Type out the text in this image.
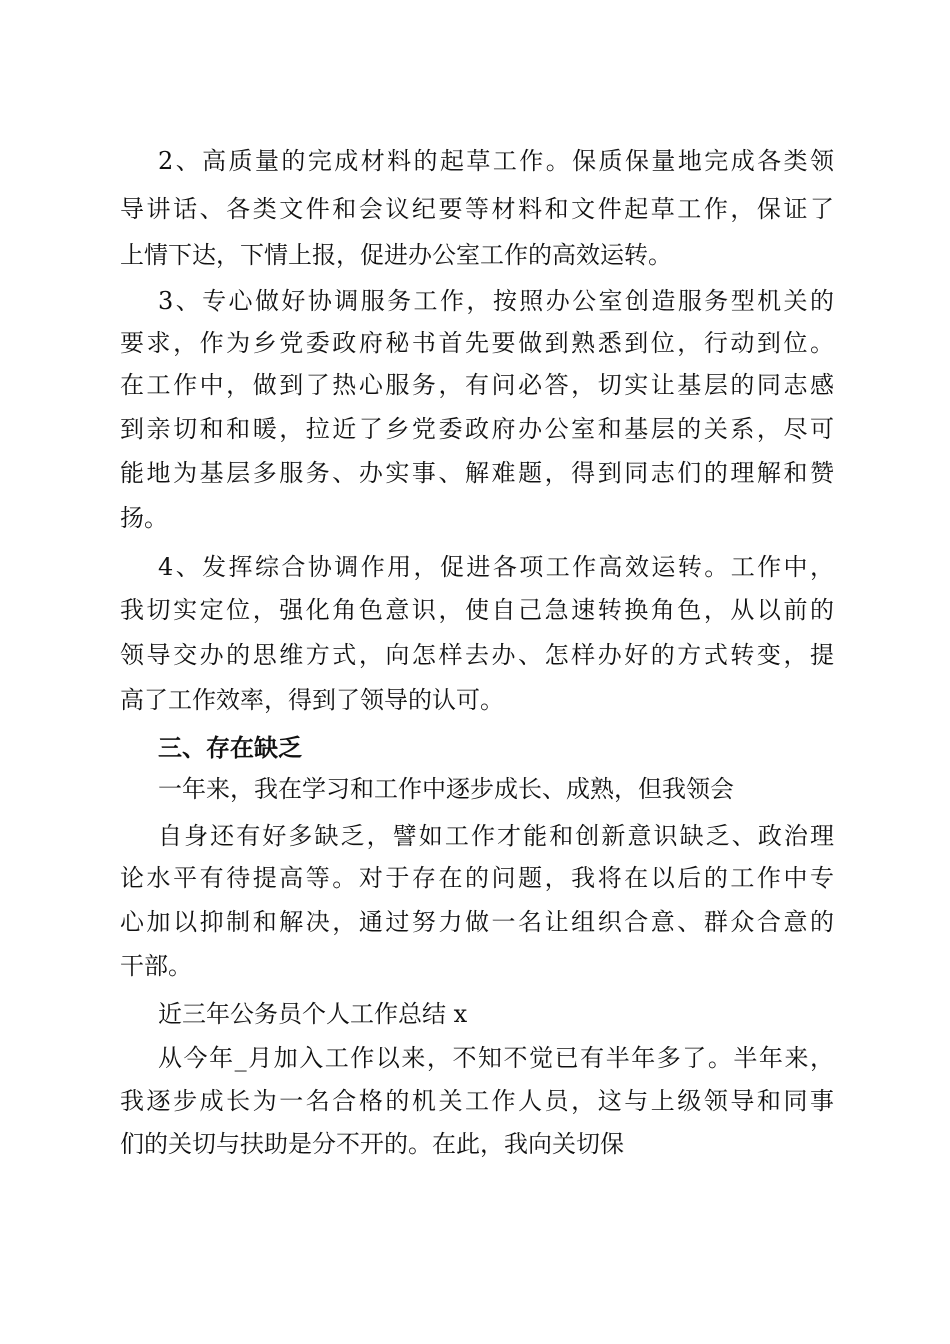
2、高质量的完成材料的起草工作。保质保量地完成各类领
导讲话、各类文件和会议纪要等材料和文件起草工作，保证了
上情下达，下情上报，促进办公室工作的高效运转。
3、专心做好协调服务工作，按照办公室创造服务型机关的
要求，作为乡党委政府秘书首先要做到熟悉到位，行动到位。
在工作中，做到了热心服务，有问必答，切实让基层的同志感
到亲切和和暖，拉近了乡党委政府办公室和基层的关系，尽可
能地为基层多服务、办实事、解难题，得到同志们的理解和赞
扬。
4、发挥综合协调作用，促进各项工作高效运转。工作中，
我切实定位，强化角色意识，使自己急速转换角色，从以前的
领导交办的思维方式，向怎样去办、怎样办好的方式转变，提
高了工作效率，得到了领导的认可。
三、存在缺乏
一年来，我在学习和工作中逐步成长、成熟，但我领会
自身还有好多缺乏，譬如工作才能和创新意识缺乏、政治理
论水平有待提高等。对于存在的问题，我将在以后的工作中专
心加以抑制和解决，通过努力做一名让组织合意、群众合意的
干部。
近三年公务员个人工作总结 x
从今年_月加入工作以来，不知不觉已有半年多了。半年来，
我逐步成长为一名合格的机关工作人员，这与上级领导和同事
们的关切与扶助是分不开的。在此，我向关切保
